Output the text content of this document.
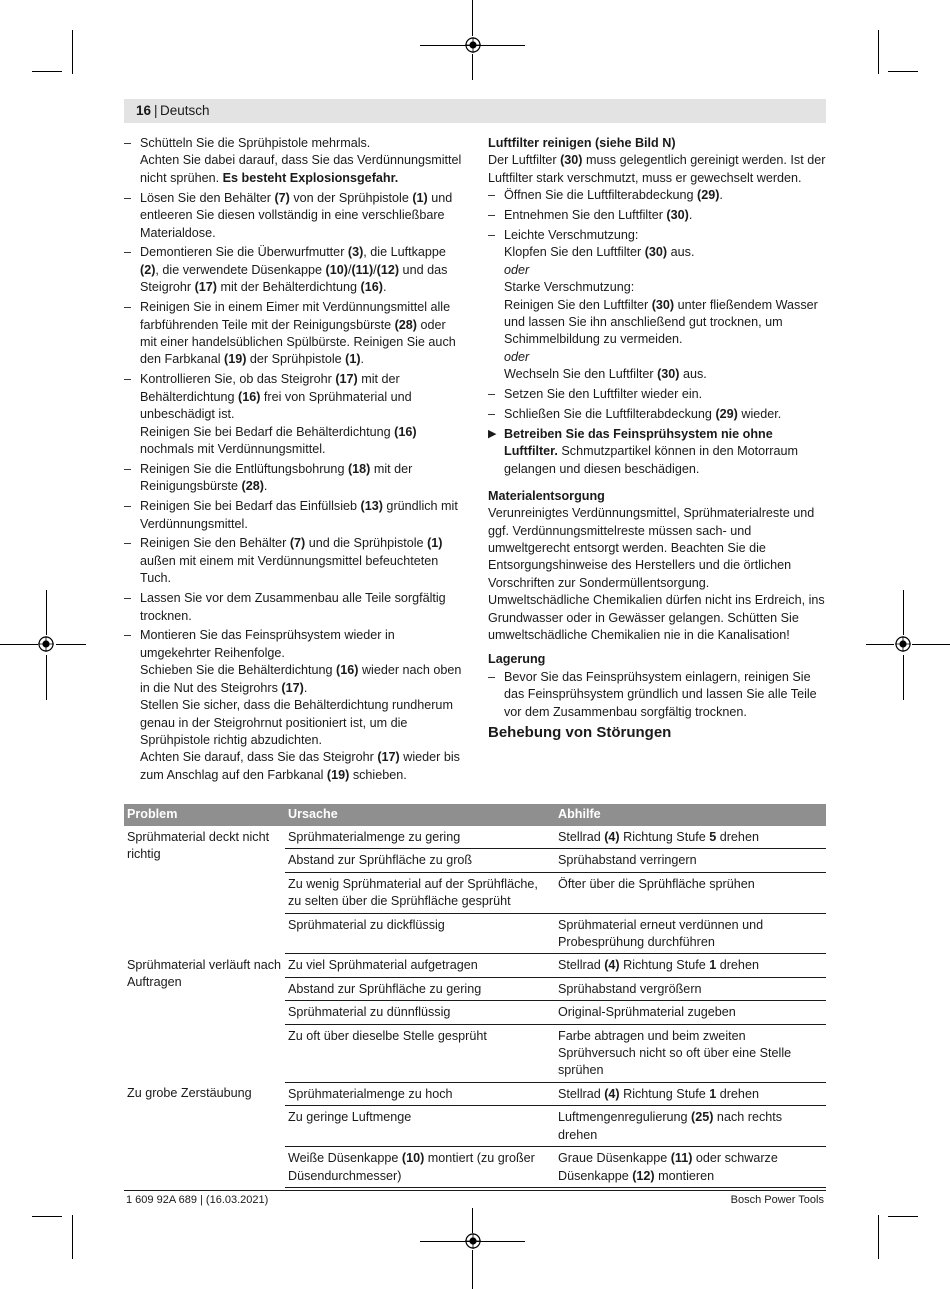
16 | Deutsch
– Schütteln Sie die Sprühpistole mehrmals.

Achten Sie dabei darauf, dass Sie das Verdünnungsmittel nicht sprühen. Es besteht Explosionsgefahr.

– Lösen Sie den Behälter (7) von der Sprühpistole (1) und entleeren Sie diesen vollständig in eine verschließbare Materialdose.

– Demontieren Sie die Überwurfmutter (3), die Luftkappe (2), die verwendete Düsenkappe (10)/(11)/(12) und das Steigrohr (17) mit der Behälterdichtung (16).

– Reinigen Sie in einem Eimer mit Verdünnungsmittel alle farbführenden Teile mit der Reinigungsbürste (28) oder mit einer handelsüblichen Spülbürste. Reinigen Sie auch den Farbkanal (19) der Sprühpistole (1).

– Kontrollieren Sie, ob das Steigrohr (17) mit der Behälterdichtung (16) frei von Sprühmaterial und unbeschädigt ist.

Reinigen Sie bei Bedarf die Behälterdichtung (16) nochmals mit Verdünnungsmittel.

– Reinigen Sie die Entlüftungsbohrung (18) mit der Reinigungsbürste (28).

– Reinigen Sie bei Bedarf das Einfüllsieb (13) gründlich mit Verdünnungsmittel.

– Reinigen Sie den Behälter (7) und die Sprühpistole (1) außen mit einem mit Verdünnungsmittel befeuchteten Tuch.

– Lassen Sie vor dem Zusammenbau alle Teile sorgfältig trocknen.

– Montieren Sie das Feinsprühsystem wieder in umgekehrter Reihenfolge.

Schieben Sie die Behälterdichtung (16) wieder nach oben in die Nut des Steigrohrs (17).

Stellen Sie sicher, dass die Behälterdichtung rundherum genau in der Steigrohrnut positioniert ist, um die Sprühpistole richtig abzudichten.

Achten Sie darauf, dass Sie das Steigrohr (17) wieder bis zum Anschlag auf den Farbkanal (19) schieben.

Luftfilter reinigen (siehe Bild N)

Der Luftfilter (30) muss gelegentlich gereinigt werden. Ist der Luftfilter stark verschmutzt, muss er gewechselt werden.

– Öffnen Sie die Luftfilterabdeckung (29).

– Entnehmen Sie den Luftfilter (30).

– Leichte Verschmutzung:

Klopfen Sie den Luftfilter (30) aus.

oder

Starke Verschmutzung:

Reinigen Sie den Luftfilter (30) unter fließendem Wasser und lassen Sie ihn anschließend gut trocknen, um Schimmelbildung zu vermeiden.

oder

Wechseln Sie den Luftfilter (30) aus.

– Setzen Sie den Luftfilter wieder ein.

– Schließen Sie die Luftfilterabdeckung (29) wieder.

▶ Betreiben Sie das Feinsprühsystem nie ohne Luftfilter. Schmutzpartikel können in den Motorraum gelangen und diesen beschädigen.

Materialentsorgung

Verunreinigtes Verdünnungsmittel, Sprühmaterialreste und ggf. Verdünnungsmittelreste müssen sach- und umweltgerecht entsorgt werden. Beachten Sie die Entsorgungshinweise des Herstellers und die örtlichen Vorschriften zur Sondermüllentsorgung.

Umweltschädliche Chemikalien dürfen nicht ins Erdreich, ins Grundwasser oder in Gewässer gelangen. Schütten Sie umweltschädliche Chemikalien nie in die Kanalisation!

Lagerung

– Bevor Sie das Feinsprühsystem einlagern, reinigen Sie das Feinsprühsystem gründlich und lassen Sie alle Teile vor dem Zusammenbau sorgfältig trocknen.

Behebung von Störungen

Problem	Ursache	Abhilfe
Sprühmaterial deckt nicht richtig	Sprühmaterialmenge zu gering	Stellrad (4) Richtung Stufe 5 drehen
	Abstand zur Sprühfläche zu groß	Sprühabstand verringern
	Zu wenig Sprühmaterial auf der Sprühfläche, zu selten über die Sprühfläche gesprüht	Öfter über die Sprühfläche sprühen
	Sprühmaterial zu dickflüssig	Sprühmaterial erneut verdünnen und Probesprühung durchführen
Sprühmaterial verläuft nach Auftragen	Zu viel Sprühmaterial aufgetragen	Stellrad (4) Richtung Stufe 1 drehen
	Abstand zur Sprühfläche zu gering	Sprühabstand vergrößern
	Sprühmaterial zu dünnflüssig	Original-Sprühmaterial zugeben
	Zu oft über dieselbe Stelle gesprüht	Farbe abtragen und beim zweiten Sprühversuch nicht so oft über eine Stelle sprühen
Zu grobe Zerstäubung	Sprühmaterialmenge zu hoch	Stellrad (4) Richtung Stufe 1 drehen
	Zu geringe Luftmenge	Luftmengenregulierung (25) nach rechts drehen
	Weiße Düsenkappe (10) montiert (zu großer Düsendurchmesser)	Graue Düsenkappe (11) oder schwarze Düsenkappe (12) montieren
1 609 92A 689 | (16.03.2021)	Bosch Power Tools
